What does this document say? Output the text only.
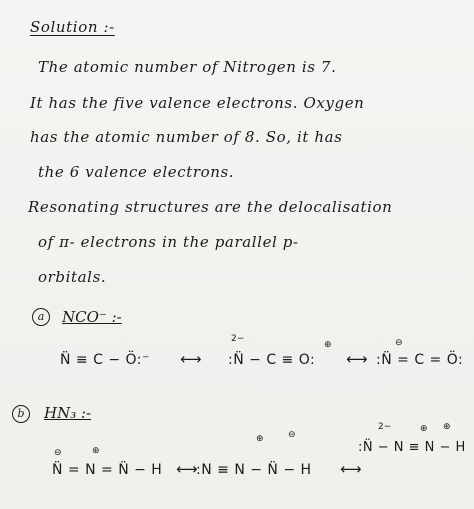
Solution :-
The atomic number of Nitrogen is 7.
It has the five valence electrons. Oxygen
has the atomic number of 8. So, it has
the 6 valence electrons.
Resonating structures are the delocalisation
of π- electrons in the parallel p-
orbitals.
a	NCO⁻ :-
N̈ ≡ C − Ö:⁻ ⟷
2−
:N̈ − C ≡ O:
⊕
⟷
⊖
:N̈ = C = Ö:
b	HN₃ :-
⊖	⊕
N̈ = N = N̈ − H ⟷
⊕	⊖
:N ≡ N − N̈ − H ⟷
2−	⊕ ⊕
:N̈ − N ≡ N − H
